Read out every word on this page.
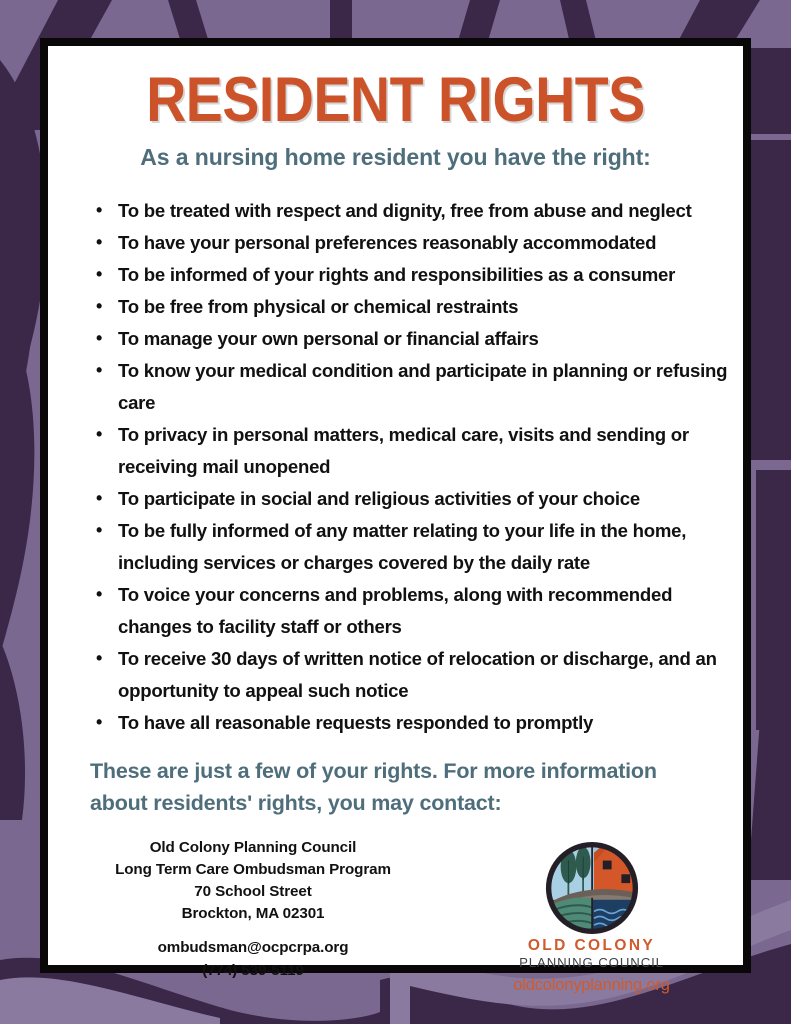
RESIDENT RIGHTS
As a nursing home resident you have the right:
• To be treated with respect and dignity, free from abuse and neglect
• To have your personal preferences reasonably accommodated
• To be informed of your rights and responsibilities as a consumer
• To be free from physical or chemical restraints
• To manage your own personal or financial affairs
• To know your medical condition and participate in planning or refusing care
• To privacy in personal matters, medical care, visits and sending or receiving mail unopened
• To participate in social and religious activities of your choice
• To be fully informed of any matter relating to your life in the home, including services or charges covered by the daily rate
• To voice your concerns and problems, along with recommended changes to facility staff or others
• To receive 30 days of written notice of relocation or discharge, and an opportunity to appeal such notice
• To have all reasonable requests responded to promptly

These are just a few of your rights. For more information about residents' rights, you may contact:

Old Colony Planning Council
Long Term Care Ombudsman Program
70 School Street
Brockton, MA 02301
ombudsman@ocpcrpa.org
(774) 539-5119
OLD COLONY
PLANNING COUNCIL
oldcolonyplanning.org
